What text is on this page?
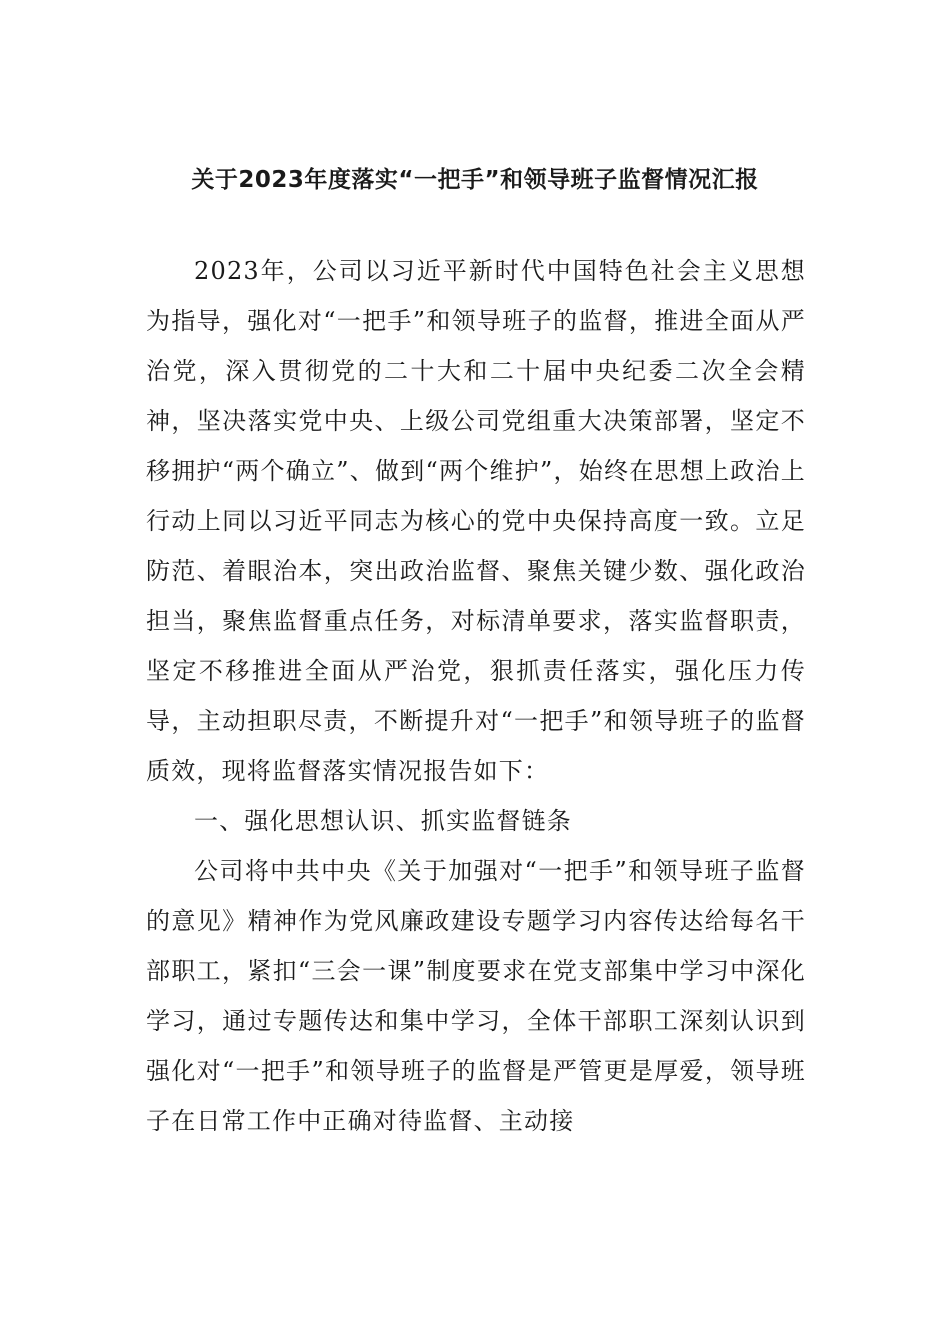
关于2023年度落实“一把手”和领导班子监督情况汇报

2023年，公司以习近平新时代中国特色社会主义思想为指导，强化对“一把手”和领导班子的监督，推进全面从严治党，深入贯彻党的二十大和二十届中央纪委二次全会精神，坚决落实党中央、上级公司党组重大决策部署，坚定不移拥护“两个确立”、做到“两个维护”，始终在思想上政治上行动上同以习近平同志为核心的党中央保持高度一致。立足防范、着眼治本，突出政治监督、聚焦关键少数、强化政治担当，聚焦监督重点任务，对标清单要求，落实监督职责，坚定不移推进全面从严治党，狠抓责任落实，强化压力传导，主动担职尽责，不断提升对“一把手”和领导班子的监督质效，现将监督落实情况报告如下：

一、强化思想认识、抓实监督链条

公司将中共中央《关于加强对“一把手”和领导班子监督的意见》精神作为党风廉政建设专题学习内容传达给每名干部职工，紧扣“三会一课”制度要求在党支部集中学习中深化学习，通过专题传达和集中学习，全体干部职工深刻认识到强化对“一把手”和领导班子的监督是严管更是厚爱，领导班子在日常工作中正确对待监督、主动接
